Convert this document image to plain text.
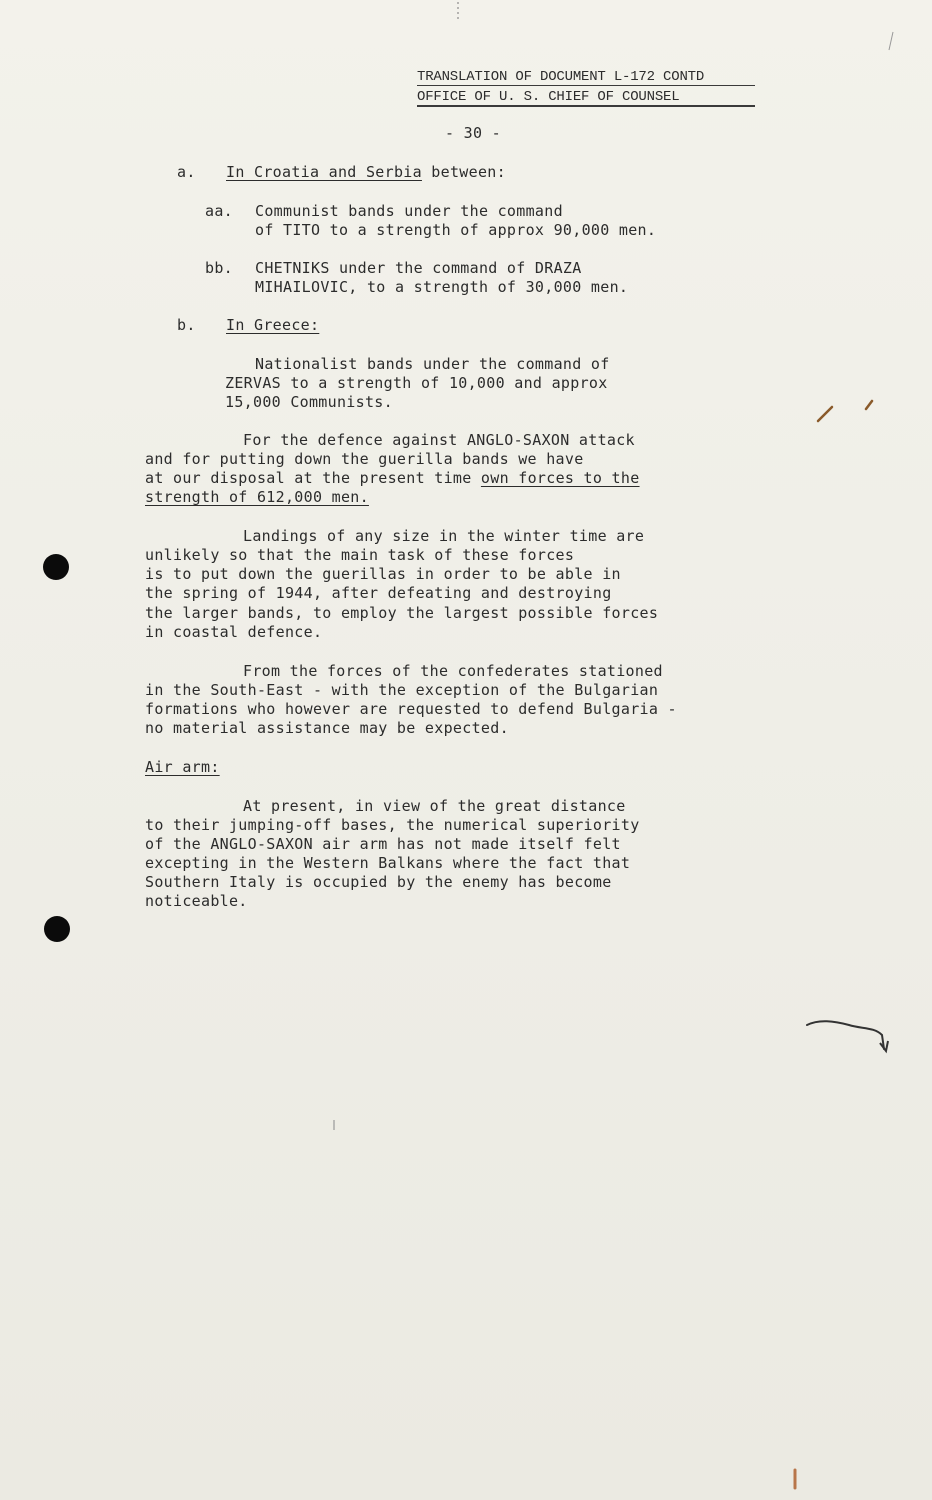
TRANSLATION OF DOCUMENT L-172 CONTD
OFFICE OF U. S. CHIEF OF COUNSEL
- 30 -
a. In Croatia and Serbia between:
aa. Communist bands under the command
of TITO to a strength of approx 90,000 men.
bb. CHETNIKS under the command of DRAZA
MIHAILOVIC, to a strength of 30,000 men.
b. In Greece:
Nationalist bands under the command of
ZERVAS to a strength of 10,000 and approx
15,000 Communists.
For the defence against ANGLO-SAXON attack
and for putting down the guerilla bands we have
at our disposal at the present time own forces to the
strength of 612,000 men.
Landings of any size in the winter time are
unlikely so that the main task of these forces
is to put down the guerillas in order to be able in
the spring of 1944, after defeating and destroying
the larger bands, to employ the largest possible forces
in coastal defence.
From the forces of the confederates stationed
in the South-East - with the exception of the Bulgarian
formations who however are requested to defend Bulgaria -
no material assistance may be expected.
Air arm:
At present, in view of the great distance
to their jumping-off bases, the numerical superiority
of the ANGLO-SAXON air arm has not made itself felt
excepting in the Western Balkans where the fact that
Southern Italy is occupied by the enemy has become
noticeable.
